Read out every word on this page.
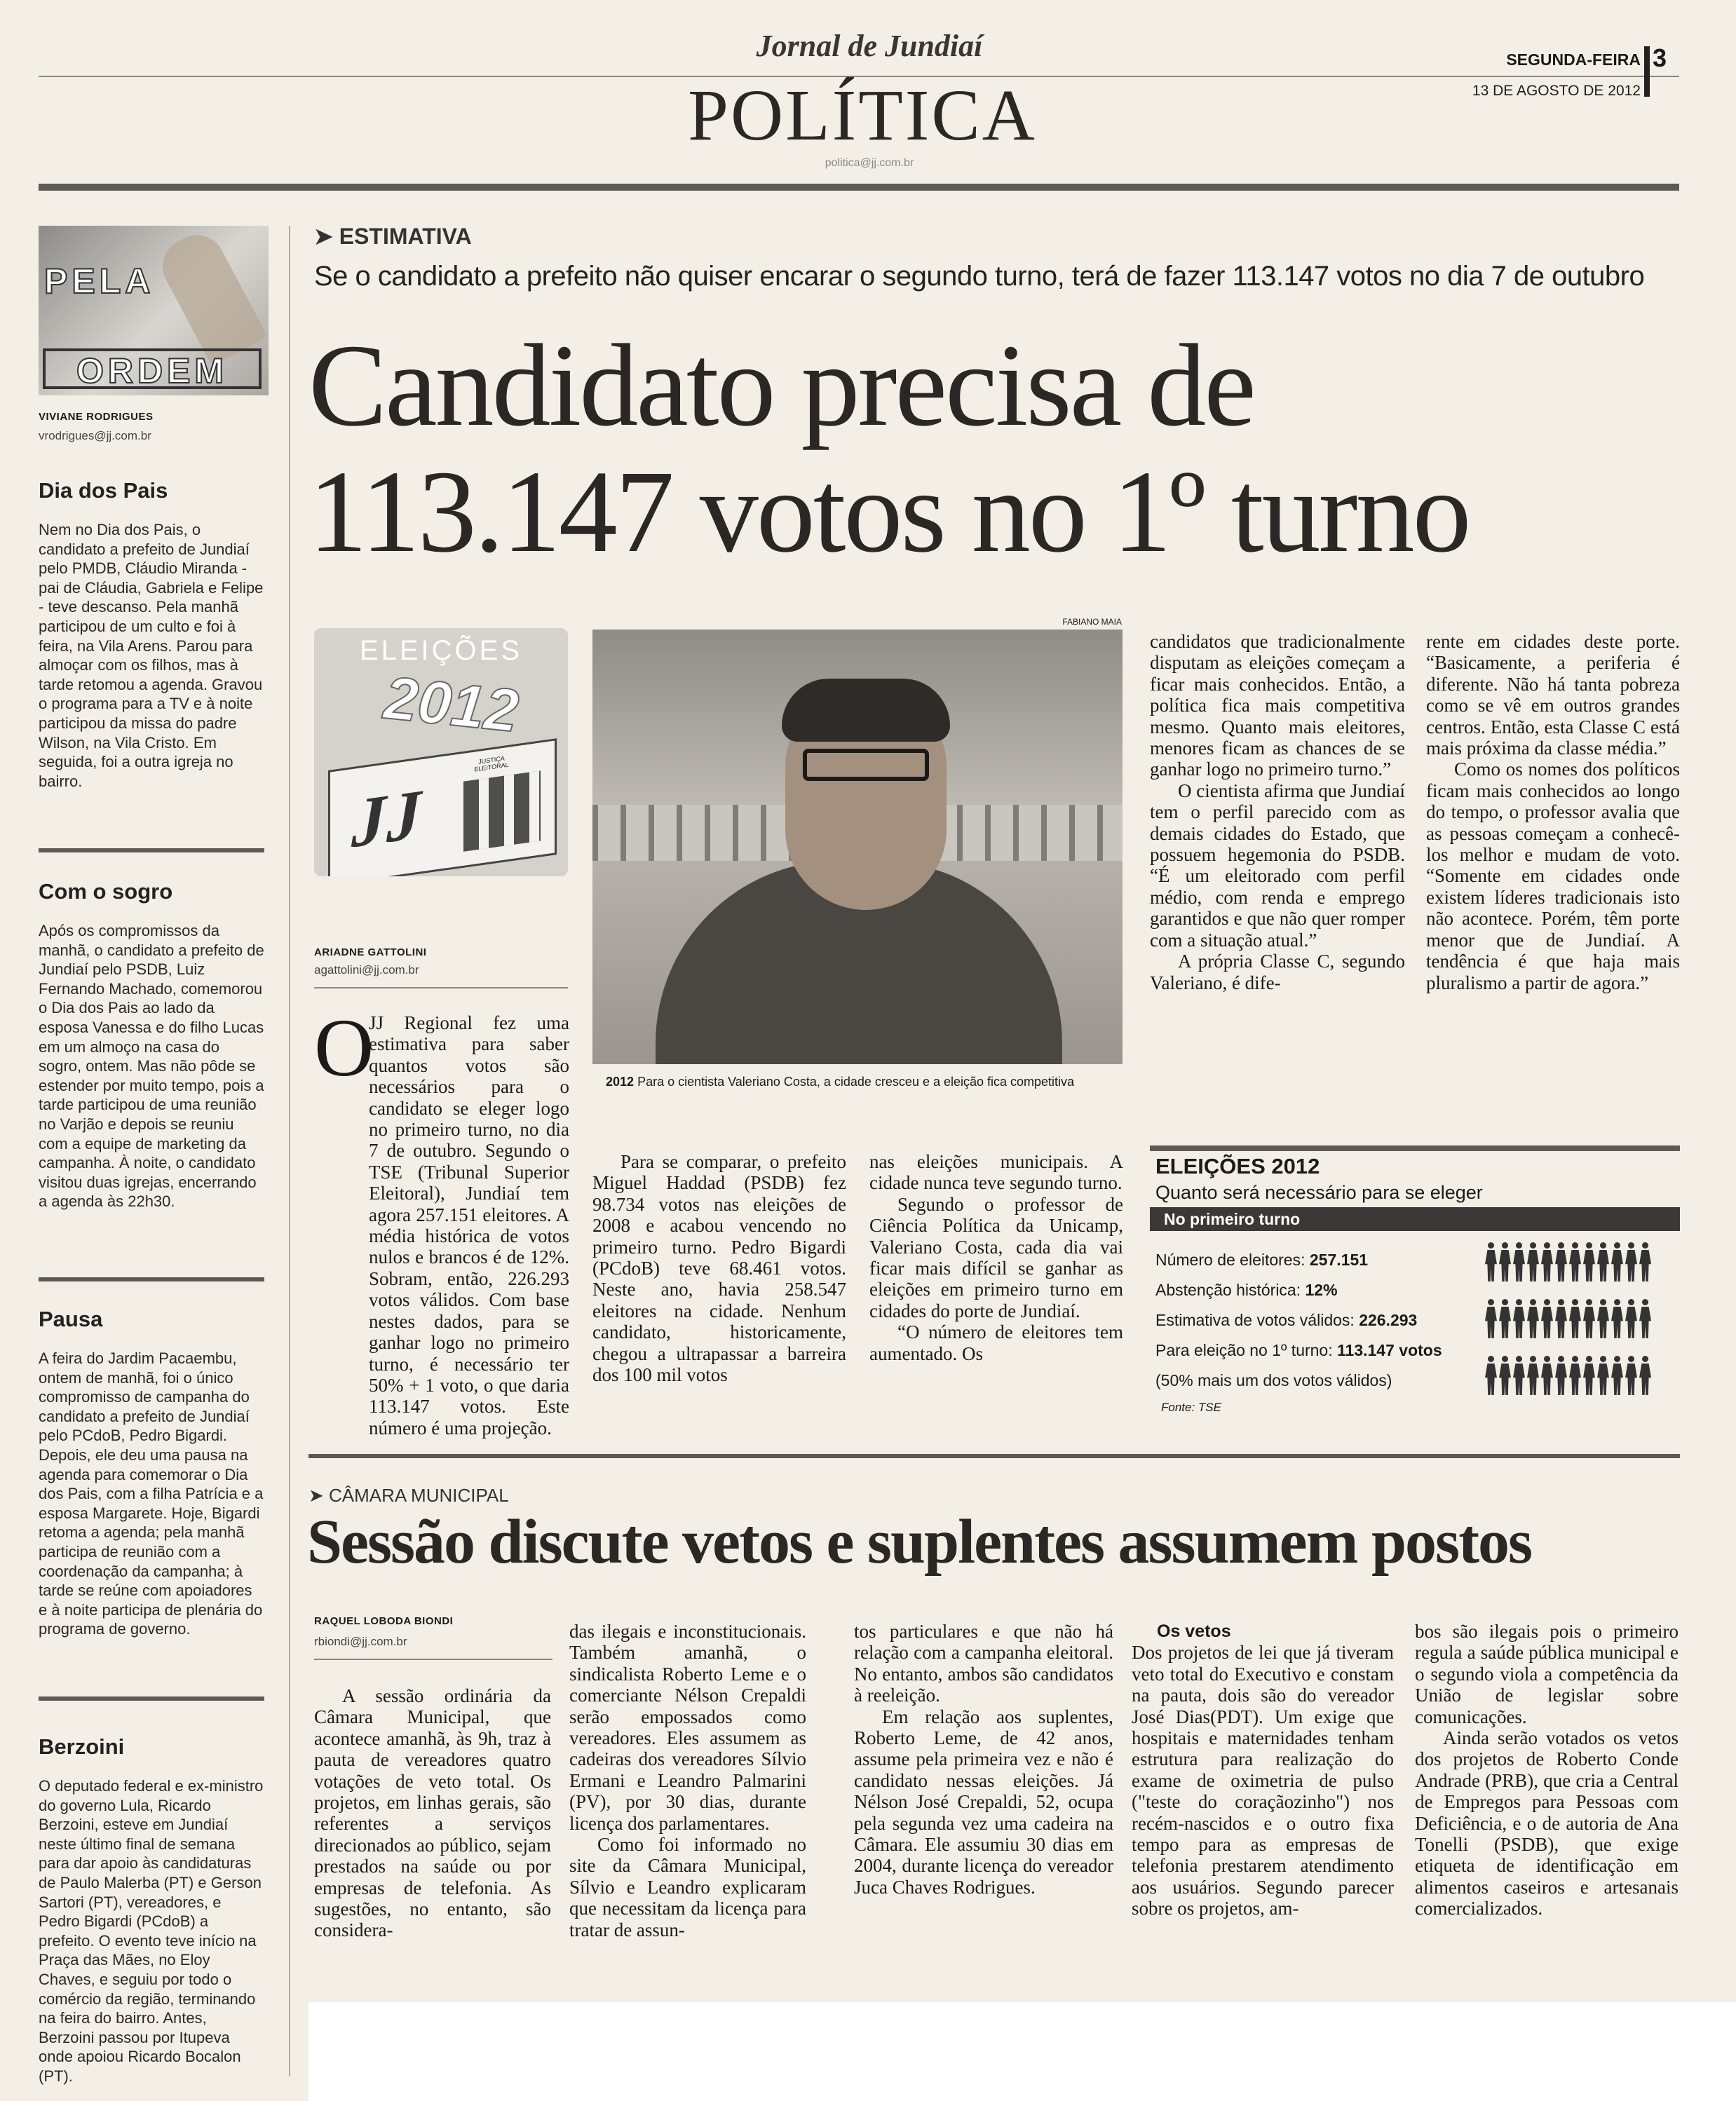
Jornal de Jundiaí
POLÍTICA
politica@jj.com.br
SEGUNDA-FEIRA
13 DE AGOSTO DE 2012
3
PELA
ORDEM
VIVIANE RODRIGUES
vrodrigues@jj.com.br
Dia dos Pais
Nem no Dia dos Pais, o candidato a prefeito de Jundiaí pelo PMDB, Cláudio Miranda - pai de Cláudia, Gabriela e Felipe - teve descanso. Pela manhã participou de um culto e foi à feira, na Vila Arens. Parou para almoçar com os filhos, mas à tarde retomou a agenda. Gravou o programa para a TV e à noite participou da missa do padre Wilson, na Vila Cristo. Em seguida, foi a outra igreja no bairro.
Com o sogro
Após os compromissos da manhã, o candidato a prefeito de Jundiaí pelo PSDB, Luiz Fernando Machado, comemorou o Dia dos Pais ao lado da esposa Vanessa e do filho Lucas em um almoço na casa do sogro, ontem. Mas não pôde se estender por muito tempo, pois a tarde participou de uma reunião no Varjão e depois se reuniu com a equipe de marketing da campanha. À noite, o candidato visitou duas igrejas, encerrando a agenda às 22h30.
Pausa
A feira do Jardim Pacaembu, ontem de manhã, foi o único compromisso de campanha do candidato a prefeito de Jundiaí pelo PCdoB, Pedro Bigardi. Depois, ele deu uma pausa na agenda para comemorar o Dia dos Pais, com a filha Patrícia e a esposa Margarete. Hoje, Bigardi retoma a agenda; pela manhã participa de reunião com a coordenação da campanha; à tarde se reúne com apoiadores e à noite participa de plenária do programa de governo.
Berzoini
O deputado federal e ex-ministro do governo Lula, Ricardo Berzoini, esteve em Jundiaí neste último final de semana para dar apoio às candidaturas de Paulo Malerba (PT) e Gerson Sartori (PT), vereadores, e Pedro Bigardi (PCdoB) a prefeito. O evento teve início na Praça das Mães, no Eloy Chaves, e seguiu por todo o comércio da região, terminando na feira do bairro. Antes, Berzoini passou por Itupeva onde apoiou Ricardo Bocalon (PT).
➤ ESTIMATIVA
Se o candidato a prefeito não quiser encarar o segundo turno, terá de fazer 113.147 votos no dia 7 de outubro
Candidato precisa de
113.147 votos no 1º turno
ELEIÇÕES
2012
JJ
JUSTIÇA ELEITORAL
ARIADNE GATTOLINI
agattolini@jj.com.br
O

JJ Regional fez uma estimativa para saber quantos votos são necessários para o candidato se eleger logo no primeiro turno, no dia 7 de outubro. Segundo o TSE (Tribunal Superior Eleitoral), Jundiaí tem agora 257.151 eleitores. A média histórica de votos nulos e brancos é de 12%. Sobram, então, 226.293 votos válidos. Com base nestes dados, para se ganhar logo no primeiro turno, é necessário ter 50% + 1 voto, o que daria 113.147 votos. Este número é uma projeção.

FABIANO MAIA
2012 Para o cientista Valeriano Costa, a cidade cresceu e a eleição fica competitiva

Para se comparar, o prefeito Miguel Haddad (PSDB) fez 98.734 votos nas eleições de 2008 e acabou vencendo no primeiro turno. Pedro Bigardi (PCdoB) teve 68.461 votos. Neste ano, havia 258.547 eleitores na cidade. Nenhum candidato, historicamente, chegou a ultrapassar a barreira dos 100 mil votos

nas eleições municipais. A cidade nunca teve segundo turno.

Segundo o professor de Ciência Política da Unicamp, Valeriano Costa, cada dia vai ficar mais difícil se ganhar as eleições em primeiro turno em cidades do porte de Jundiaí.

“O número de eleitores tem aumentado. Os

candidatos que tradicionalmente disputam as eleições começam a ficar mais conhecidos. Então, a política fica mais competitiva mesmo. Quanto mais eleitores, menores ficam as chances de se ganhar logo no primeiro turno.”

O cientista afirma que Jundiaí tem o perfil parecido com as demais cidades do Estado, que possuem hegemonia do PSDB. “É um eleitorado com perfil médio, com renda e emprego garantidos e que não quer romper com a situação atual.”

A própria Classe C, segundo Valeriano, é dife-

rente em cidades deste porte. “Basicamente, a periferia é diferente. Não há tanta pobreza como se vê em outros grandes centros. Então, esta Classe C está mais próxima da classe média.”

Como os nomes dos políticos ficam mais conhecidos ao longo do tempo, o professor avalia que as pessoas começam a conhecê-los melhor e mudam de voto. “Somente em cidades onde existem líderes tradicionais isto não acontece. Porém, têm porte menor que de Jundiaí. A tendência é que haja mais pluralismo a partir de agora.”

ELEIÇÕES 2012
Quanto será necessário para se eleger
No primeiro turno
Número de eleitores: 257.151
Abstenção histórica: 12%
Estimativa de votos válidos: 226.293
Para eleição no 1º turno: 113.147 votos
(50% mais um dos votos válidos)
Fonte: TSE
➤ CÂMARA MUNICIPAL
Sessão discute vetos e suplentes assumem postos
RAQUEL LOBODA BIONDI
rbiondi@jj.com.br

A sessão ordinária da Câmara Municipal, que acontece amanhã, às 9h, traz à pauta de vereadores quatro votações de veto total. Os projetos, em linhas gerais, são referentes a serviços direcionados ao público, sejam prestados na saúde ou por empresas de telefonia. As sugestões, no entanto, são considera-

das ilegais e inconstitucionais. Também amanhã, o sindicalista Roberto Leme e o comerciante Nélson Crepaldi serão empossados como vereadores. Eles assumem as cadeiras dos vereadores Sílvio Ermani e Leandro Palmarini (PV), por 30 dias, durante licença dos parlamentares.

Como foi informado no site da Câmara Municipal, Sílvio e Leandro explicaram que necessitam da licença para tratar de assun-

tos particulares e que não há relação com a campanha eleitoral. No entanto, ambos são candidatos à reeleição.

Em relação aos suplentes, Roberto Leme, de 42 anos, assume pela primeira vez e não é candidato nessas eleições. Já Nélson José Crepaldi, 52, ocupa pela segunda vez uma cadeira na Câmara. Ele assumiu 30 dias em 2004, durante licença do vereador Juca Chaves Rodrigues.

Os vetos

Dos projetos de lei que já tiveram veto total do Executivo e constam na pauta, dois são do vereador José Dias(PDT). Um exige que hospitais e maternidades tenham estrutura para realização do exame de oximetria de pulso ("teste do coraçãozinho") nos recém-nascidos e o outro fixa tempo para as empresas de telefonia prestarem atendimento aos usuários. Segundo parecer sobre os projetos, am-

bos são ilegais pois o primeiro regula a saúde pública municipal e o segundo viola a competência da União de legislar sobre comunicações.

Ainda serão votados os vetos dos projetos de Roberto Conde Andrade (PRB), que cria a Central de Empregos para Pessoas com Deficiência, e o de autoria de Ana Tonelli (PSDB), que exige etiqueta de identificação em alimentos caseiros e artesanais comercializados.
